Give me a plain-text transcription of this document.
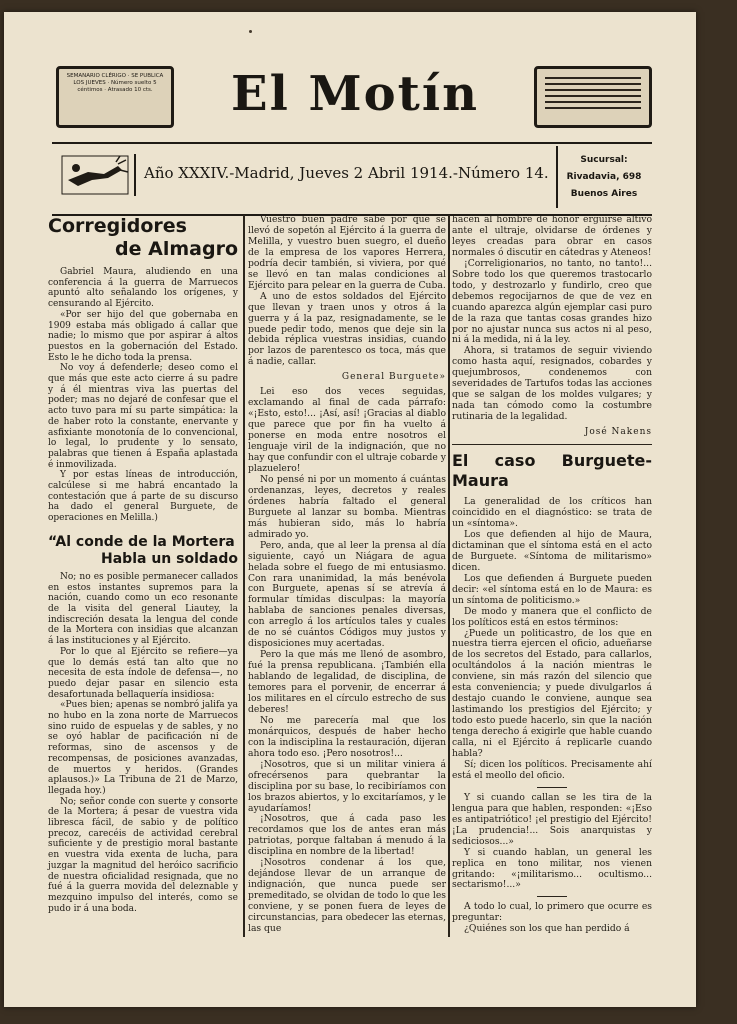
SEMANARIO CLÉRIGO · SE PUBLICA LOS JUEVES · Número suelto 5 céntimos · Atrasado 10 cts.	El Motín
Año XXXIV.-Madrid, Jueves 2 Abril 1914.-Número 14.
Sucursal:
Rivadavia, 698
Buenos Aires
Corregidores
de Almagro

Gabriel Maura, aludiendo en una conferencia á la guerra de Marruecos apuntó alto señalando los orígenes, y censurando al Ejército.

«Por ser hijo del que gobernaba en 1909 estaba más obligado á callar que nadie; lo mismo que por aspirar á altos puestos en la gobernación del Estado. Esto le he dicho toda la prensa.

No voy á defenderle; deseo como el que más que este acto cierre á su padre y á él mientras viva las puertas del poder; mas no dejaré de confesar que el acto tuvo para mí su parte simpática: la de haber roto la constante, enervante y asfixiante monotonía de lo convencional, lo legal, lo prudente y lo sensato, palabras que tienen á España aplastada é inmovilizada.

Y por estas líneas de introducción, calcúlese si me habrá encantado la contestación que á parte de su discurso ha dado el general Burguete, de operaciones en Melilla.)

“Al conde de la Mortera
Habla un soldado

No; no es posible permanecer callados en estos instantes supremos para la nación, cuando como un eco resonante de la visita del general Liautey, la indiscreción desata la lengua del conde de la Mortera con insidias que alcanzan á las instituciones y al Ejército.

Por lo que al Ejército se refiere—ya que lo demás está tan alto que no necesita de esta índole de defensa—, no puedo dejar pasar en silencio esta desafortunada bellaquería insidiosa:

«Pues bien; apenas se nombró jalifa ya no hubo en la zona norte de Marruecos sino ruido de espuelas y de sables, y no se oyó hablar de pacificación ni de reformas, sino de ascensos y de recompensas, de posiciones avanzadas, de muertos y heridos. (Grandes aplausos.)» La Tribuna de 21 de Marzo, llegada hoy.)

No; señor conde con suerte y consorte de la Mortera; á pesar de vuestra vida libresca fácil, de sabio y de político precoz, carecéis de actividad cerebral suficiente y de prestigio moral bastante en vuestra vida exenta de lucha, para juzgar la magnitud del heróico sacrificio de nuestra oficialidad resignada, que no fué á la guerra movida del deleznable y mezquino impulso del interés, como se pudo ir á una boda.

Vuestro buen padre sabe por qué se llevó de sopetón al Ejército á la guerra de Melilla, y vuestro buen suegro, el dueño de la empresa de los vapores Herrera, podría decir también, si viviera, por qué se llevó en tan malas condiciones al Ejército para pelear en la guerra de Cuba.

A uno de estos soldados del Ejército que llevan y traen unos y otros á la guerra y á la paz, resignadamente, se le puede pedir todo, menos que deje sin la debida réplica vuestras insidias, cuando por lazos de parentesco os toca, más que á nadie, callar.

General Burguete»

Lei eso dos veces seguidas, exclamando al final de cada párrafo: «¡Esto, esto!... ¡Así, así! ¡Gracias al diablo que parece que por fin ha vuelto á ponerse en moda entre nosotros el lenguaje viril de la indignación, que no hay que confundir con el ultraje cobarde y plazuelero!

No pensé ni por un momento á cuántas ordenanzas, leyes, decretos y reales órdenes habría faltado el general Burguete al lanzar su bomba. Mientras más hubieran sido, más lo habría admirado yo.

Pero, anda, que al leer la prensa al día siguiente, cayó un Niágara de agua helada sobre el fuego de mi entusiasmo. Con rara unanimidad, la más benévola con Burguete, apenas sí se atrevía á formular tímidas disculpas: la mayoría hablaba de sanciones penales diversas, con arreglo á los artículos tales y cuales de no sé cuántos Códigos muy justos y disposiciones muy acertadas.

Pero la que más me llenó de asombro, fué la prensa republicana. ¡También ella hablando de legalidad, de disciplina, de temores para el porvenir, de encerrar á los militares en el círculo estrecho de sus deberes!

No me parecería mal que los monárquicos, después de haber hecho con la indisciplina la restauración, dijeran ahora todo eso. ¡Pero nosotros!...

¡Nosotros, que si un militar viniera á ofrecérsenos para quebrantar la disciplina por su base, lo recibiríamos con los brazos abiertos, y lo excitaríamos, y le ayudaríamos!

¡Nosotros, que á cada paso les recordamos que los de antes eran más patriotas, porque faltaban á menudo á la disciplina en nombre de la libertad!

¡Nosotros condenar á los que, dejándose llevar de un arranque de indignación, que nunca puede ser premeditado, se olvidan de todo lo que les conviene, y se ponen fuera de leyes de circunstancias, para obedecer las eternas, las que

hacen al hombre de honor erguirse altivo ante el ultraje, olvidarse de órdenes y leyes creadas para obrar en casos normales ó discutir en cátedras y Ateneos!

¡Correligionarios, no tanto, no tanto!... Sobre todo los que queremos trastocarlo todo, y destrozarlo y fundirlo, creo que debemos regocijarnos de que de vez en cuando aparezca algún ejemplar casi puro de la raza que tantas cosas grandes hizo por no ajustar nunca sus actos ni al peso, ni á la medida, ni á la ley.

Ahora, si tratamos de seguir viviendo como hasta aquí, resignados, cobardes y quejumbrosos, condenemos con severidades de Tartufos todas las acciones que se salgan de los moldes vulgares; y nada tan cómodo como la costumbre rutinaria de la legalidad.

José Nakens
El caso Burguete-Maura

La generalidad de los críticos han coincidido en el diagnóstico: se trata de un «síntoma».

Los que defienden al hijo de Maura, dictaminan que el síntoma está en el acto de Burguete. «Síntoma de militarismo» dicen.

Los que defienden á Burguete pueden decir: «el síntoma está en lo de Maura: es un síntoma de politicismo.»

De modo y manera que el conflicto de los políticos está en estos términos:

¿Puede un politicastro, de los que en nuestra tierra ejercen el oficio, adueñarse de los secretos del Estado, para callarlos, ocultándolos á la nación mientras le conviene, sin más razón del silencio que esta conveniencia; y puede divulgarlos á destajo cuando le conviene, aunque sea lastimando los prestigios del Ejército; y todo esto puede hacerlo, sin que la nación tenga derecho á exigirle que hable cuando calla, ni el Ejército á replicarle cuando habla?

Sí; dicen los políticos. Precisamente ahí está el meollo del oficio.

Y si cuando callan se les tira de la lengua para que hablen, responden: «¡Eso es antipatriótico! ¡el prestigio del Ejército! ¡La prudencia!... Sois anarquistas y sediciosos...»

Y si cuando hablan, un general les replica en tono militar, nos vienen gritando: «¡militarismo... ocultismo... sectarismo!...»

A todo lo cual, lo primero que ocurre es preguntar:

¿Quiénes son los que han perdido á
